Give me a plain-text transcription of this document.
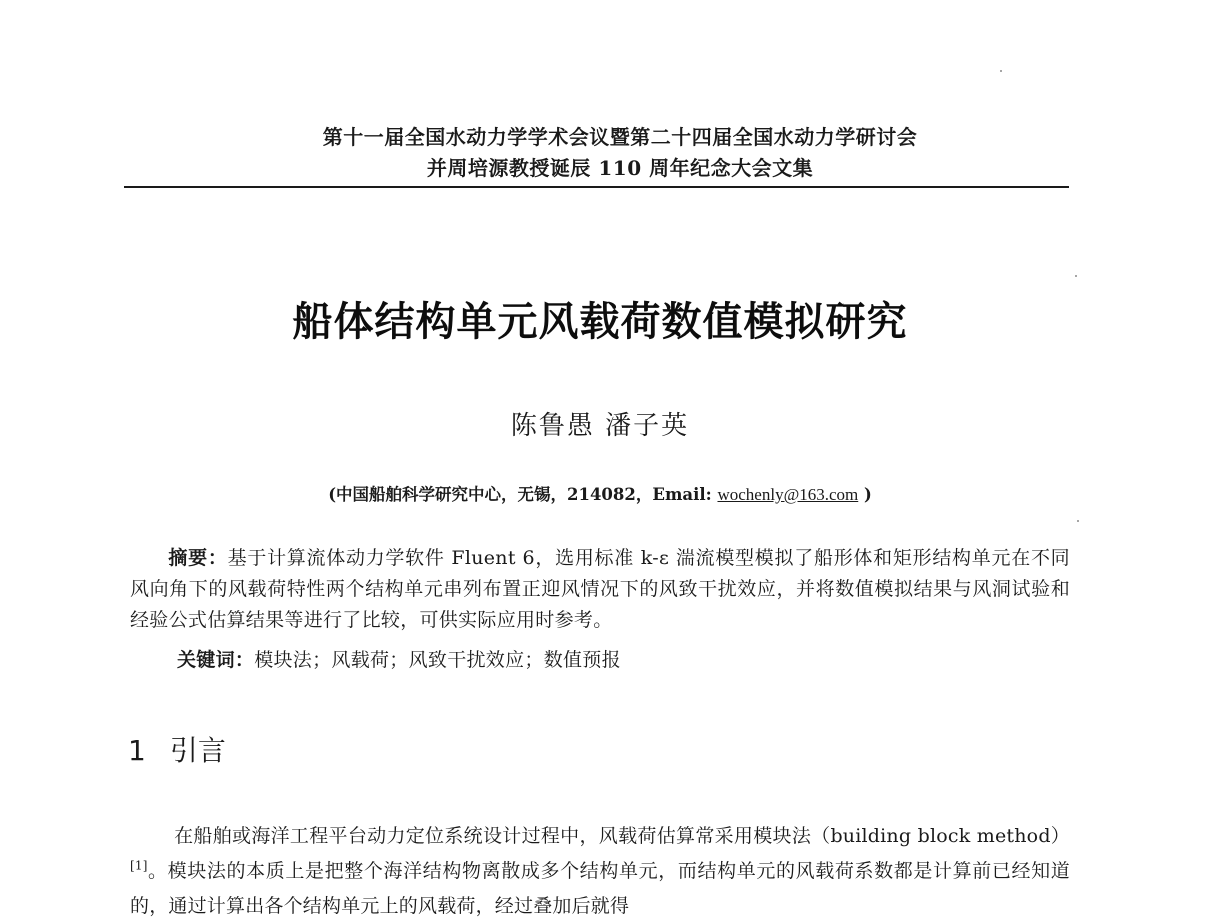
第十一届全国水动力学学术会议暨第二十四届全国水动力学研讨会
并周培源教授诞辰 110 周年纪念大会文集
船体结构单元风载荷数值模拟研究
陈鲁愚 潘子英
(中国船舶科学研究中心，无锡，214082，Email: wochenly@163.com )
摘要：基于计算流体动力学软件 Fluent 6，选用标准 k-ε 湍流模型模拟了船形体和矩形结构单元在不同风向角下的风载荷特性两个结构单元串列布置正迎风情况下的风致干扰效应，并将数值模拟结果与风洞试验和经验公式估算结果等进行了比较，可供实际应用时参考。
关键词：模块法；风载荷；风致干扰效应；数值预报
1 引言
在船舶或海洋工程平台动力定位系统设计过程中，风载荷估算常采用模块法（building block method）[1]。模块法的本质上是把整个海洋结构物离散成多个结构单元，而结构单元的风载荷系数都是计算前已经知道的，通过计算出各个结构单元上的风载荷，经过叠加后就得
